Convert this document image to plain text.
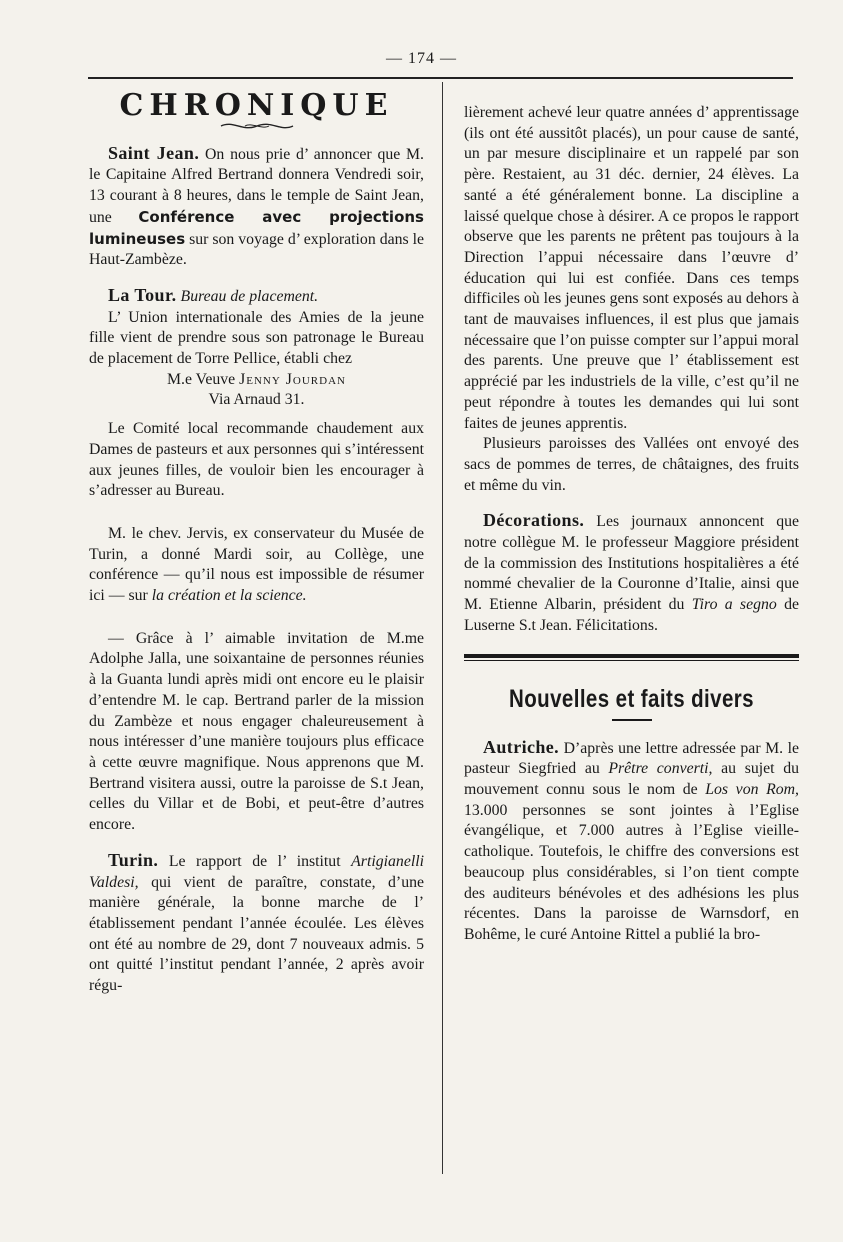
— 174 —

CHRONIQUE

Saint Jean. On nous prie d’ annoncer que M. le Capitaine Alfred Bertrand donnera Vendredi soir, 13 courant à 8 heures, dans le temple de Saint Jean, une Conférence avec projections lumineuses sur son voyage d’ exploration dans le Haut-Zambèze.

La Tour. Bureau de placement.

L’ Union internationale des Amies de la jeune fille vient de prendre sous son patronage le Bureau de placement de Torre Pellice, établi chez

M.e Veuve Jenny Jourdan

Via Arnaud 31.

Le Comité local recommande chaudement aux Dames de pasteurs et aux personnes qui s’intéressent aux jeunes filles, de vouloir bien les encourager à s’adresser au Bureau.

M. le chev. Jervis, ex conservateur du Musée de Turin, a donné Mardi soir, au Collège, une conférence — qu’il nous est impossible de résumer ici — sur la création et la science.

— Grâce à l’ aimable invitation de M.me Adolphe Jalla, une soixantaine de personnes réunies à la Guanta lundi après midi ont encore eu le plaisir d’entendre M. le cap. Bertrand parler de la mission du Zambèze et nous engager chaleureusement à nous intéresser d’une manière toujours plus efficace à cette œuvre magnifique. Nous apprenons que M. Bertrand visitera aussi, outre la paroisse de S.t Jean, celles du Villar et de Bobi, et peut-être d’autres encore.

Turin. Le rapport de l’ institut Artigianelli Valdesi, qui vient de paraître, constate, d’une manière générale, la bonne marche de l’ établissement pendant l’année écoulée. Les élèves ont été au nombre de 29, dont 7 nouveaux admis. 5 ont quitté l’institut pendant l’année, 2 après avoir régu-

lièrement achevé leur quatre années d’ apprentissage (ils ont été aussitôt placés), un pour cause de santé, un par mesure disciplinaire et un rappelé par son père. Restaient, au 31 déc. dernier, 24 élèves. La santé a été généralement bonne. La discipline a laissé quelque chose à désirer. A ce propos le rapport observe que les parents ne prêtent pas toujours à la Direction l’appui nécessaire dans l’œuvre d’ éducation qui lui est confiée. Dans ces temps difficiles où les jeunes gens sont exposés au dehors à tant de mauvaises influences, il est plus que jamais nécessaire que l’on puisse compter sur l’appui moral des parents. Une preuve que l’ établissement est apprécié par les industriels de la ville, c’est qu’il ne peut répondre à toutes les demandes qui lui sont faites de jeunes apprentis.

Plusieurs paroisses des Vallées ont envoyé des sacs de pommes de terres, de châtaignes, des fruits et même du vin.

Décorations. Les journaux annoncent que notre collègue M. le professeur Maggiore président de la commission des Institutions hospitalières a été nommé chevalier de la Couronne d’Italie, ainsi que M. Etienne Albarin, président du Tiro a segno de Luserne S.t Jean. Félicitations.

Nouvelles et faits divers

Autriche. D’après une lettre adressée par M. le pasteur Siegfried au Prêtre converti, au sujet du mouvement connu sous le nom de Los von Rom, 13.000 personnes se sont jointes à l’Eglise évangélique, et 7.000 autres à l’Eglise vieille-catholique. Toutefois, le chiffre des conversions est beaucoup plus considérables, si l’on tient compte des auditeurs bénévoles et des adhésions les plus récentes. Dans la paroisse de Warnsdorf, en Bohême, le curé Antoine Rittel a publié la bro-
